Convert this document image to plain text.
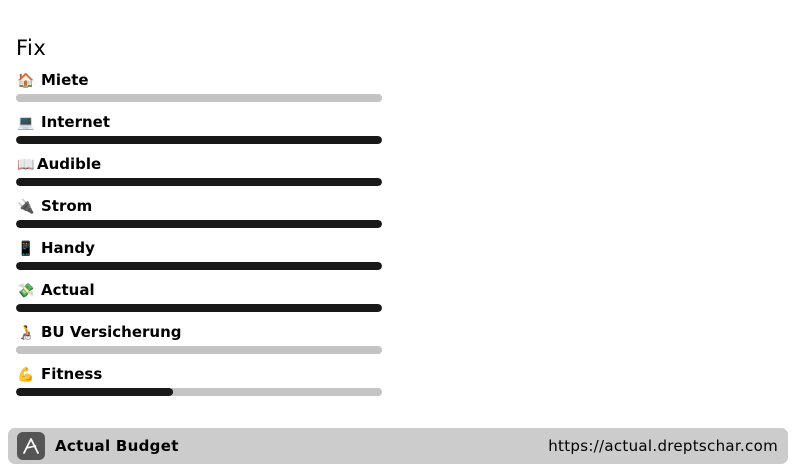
Fix
🏠 Miete
💻 Internet
📖 Audible
🔌 Strom
📱 Handy
💸 Actual
🧑‍🦽 BU Versicherung
💪 Fitness
Actual Budget	https://actual.dreptschar.com
